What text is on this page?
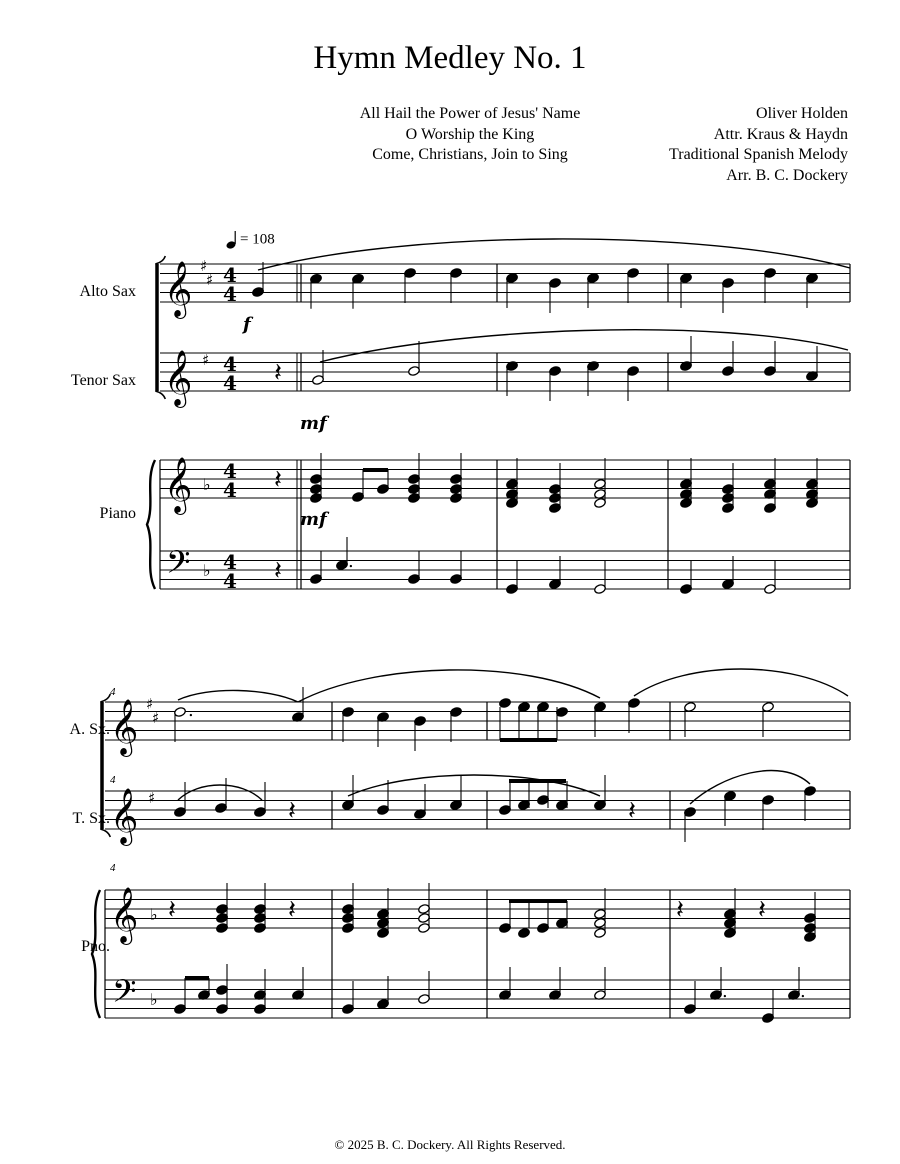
Hymn Medley No. 1
All Hail the Power of Jesus' Name
O Worship the King
Come, Christians, Join to Sing
Oliver Holden
Attr. Kraus & Haydn
Traditional Spanish Melody
Arr. B. C. Dockery
= 108
Alto Sax
Tenor Sax
Piano
A. Sx.
T. Sx.
Pno.
4
4
4
f
mf
mf
𝄞
𝄞
𝄞
𝄢
♯
♯
♯
♭
♭
4
4
4
4
4
4
4
4
𝄽
𝄽
𝄽	.
𝄞
𝄞
𝄞
𝄢
♯
♯
♯
♭
♭
.
𝄽	𝄽
𝄽	𝄽	𝄽	𝄽
.	.
© 2025 B. C. Dockery. All Rights Reserved.
